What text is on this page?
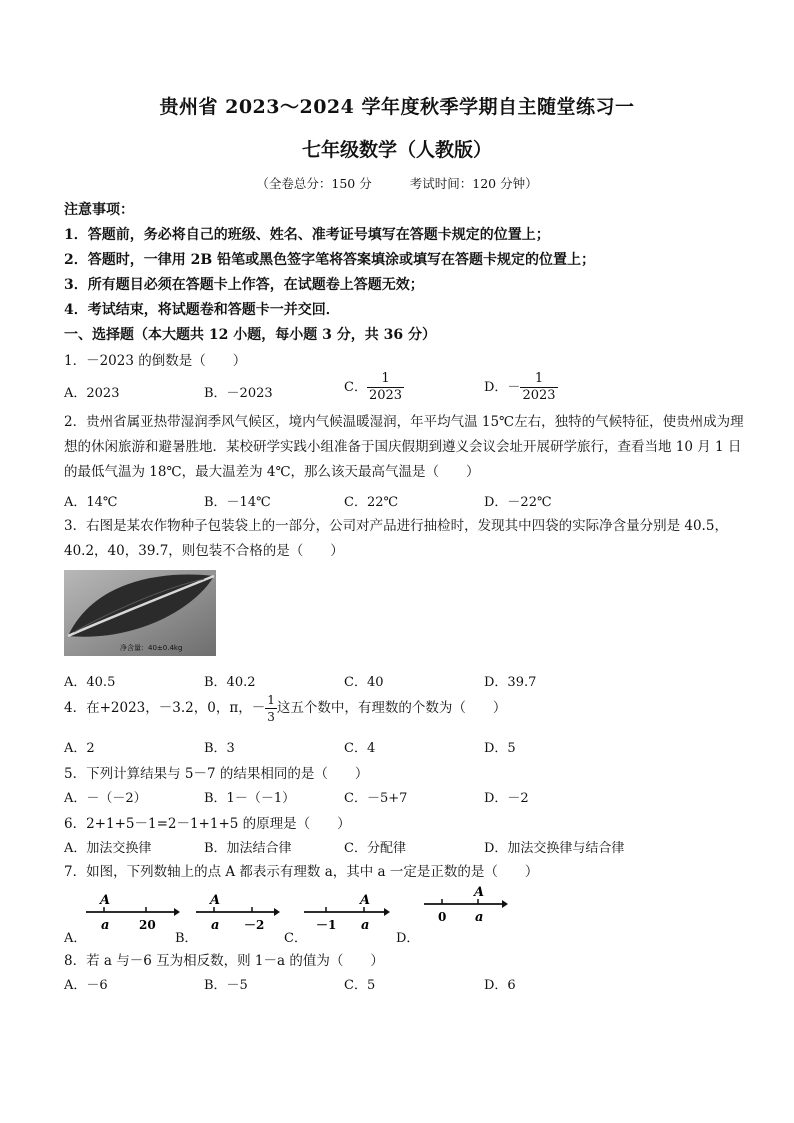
贵州省 2023～2024 学年度秋季学期自主随堂练习一
七年级数学（人教版）
（全卷总分：150 分	考试时间：120 分钟）
注意事项：
1．答题前，务必将自己的班级、姓名、准考证号填写在答题卡规定的位置上；
2．答题时，一律用 2B 铅笔或黑色签字笔将答案填涂或填写在答题卡规定的位置上；
3．所有题目必须在答题卡上作答，在试题卷上答题无效；
4．考试结束，将试题卷和答题卡一并交回．
一、选择题（本大题共 12 小题，每小题 3 分，共 36 分）
1．－2023 的倒数是（　　）
A．2023	B．－2023	C． $\frac{1}{2023}$	D．－ $\frac{1}{2023}$
2．贵州省属亚热带湿润季风气候区，境内气候温暖湿润，年平均气温 15℃左右，独特的气候特征，使贵州成为理想的休闲旅游和避暑胜地．某校研学实践小组准备于国庆假期到遵义会议会址开展研学旅行，查看当地 10 月 1 日的最低气温为 18℃，最大温差为 4℃，那么该天最高气温是（　　）
A．14℃	B．－14℃	C．22℃	D．－22℃
3．右图是某农作物种子包装袋上的一部分，公司对产品进行抽检时，发现其中四袋的实际净含量分别是 40.5，40.2，40，39.7，则包装不合格的是（　　）
净含量：40±0.4kg
A．40.5	B．40.2	C．40	D．39.7
4．在+2023，－3.2，0，π，－ $\frac{1}{3}$ 这五个数中，有理数的个数为（　　）
A．2	B．3	C．4	D．5
5．下列计算结果与 5－7 的结果相同的是（　　）
A．－（－2）	B．1－（－1）	C．－5+7	D．－2
6．2+1+5－1=2－1+1+5 的原理是（　　）
A．加法交换律	B．加法结合律	C．分配律	D．加法交换律与结合律
7．如图，下列数轴上的点 A 都表示有理数 a，其中 a 一定是正数的是（　　）
A．	B．	C．	D．
A
a 20
A
a －2
A
a
－1
A
a
0
8．若 a 与－6 互为相反数，则 1－a 的值为（　　）
A．－6	B．－5	C．5	D．6
